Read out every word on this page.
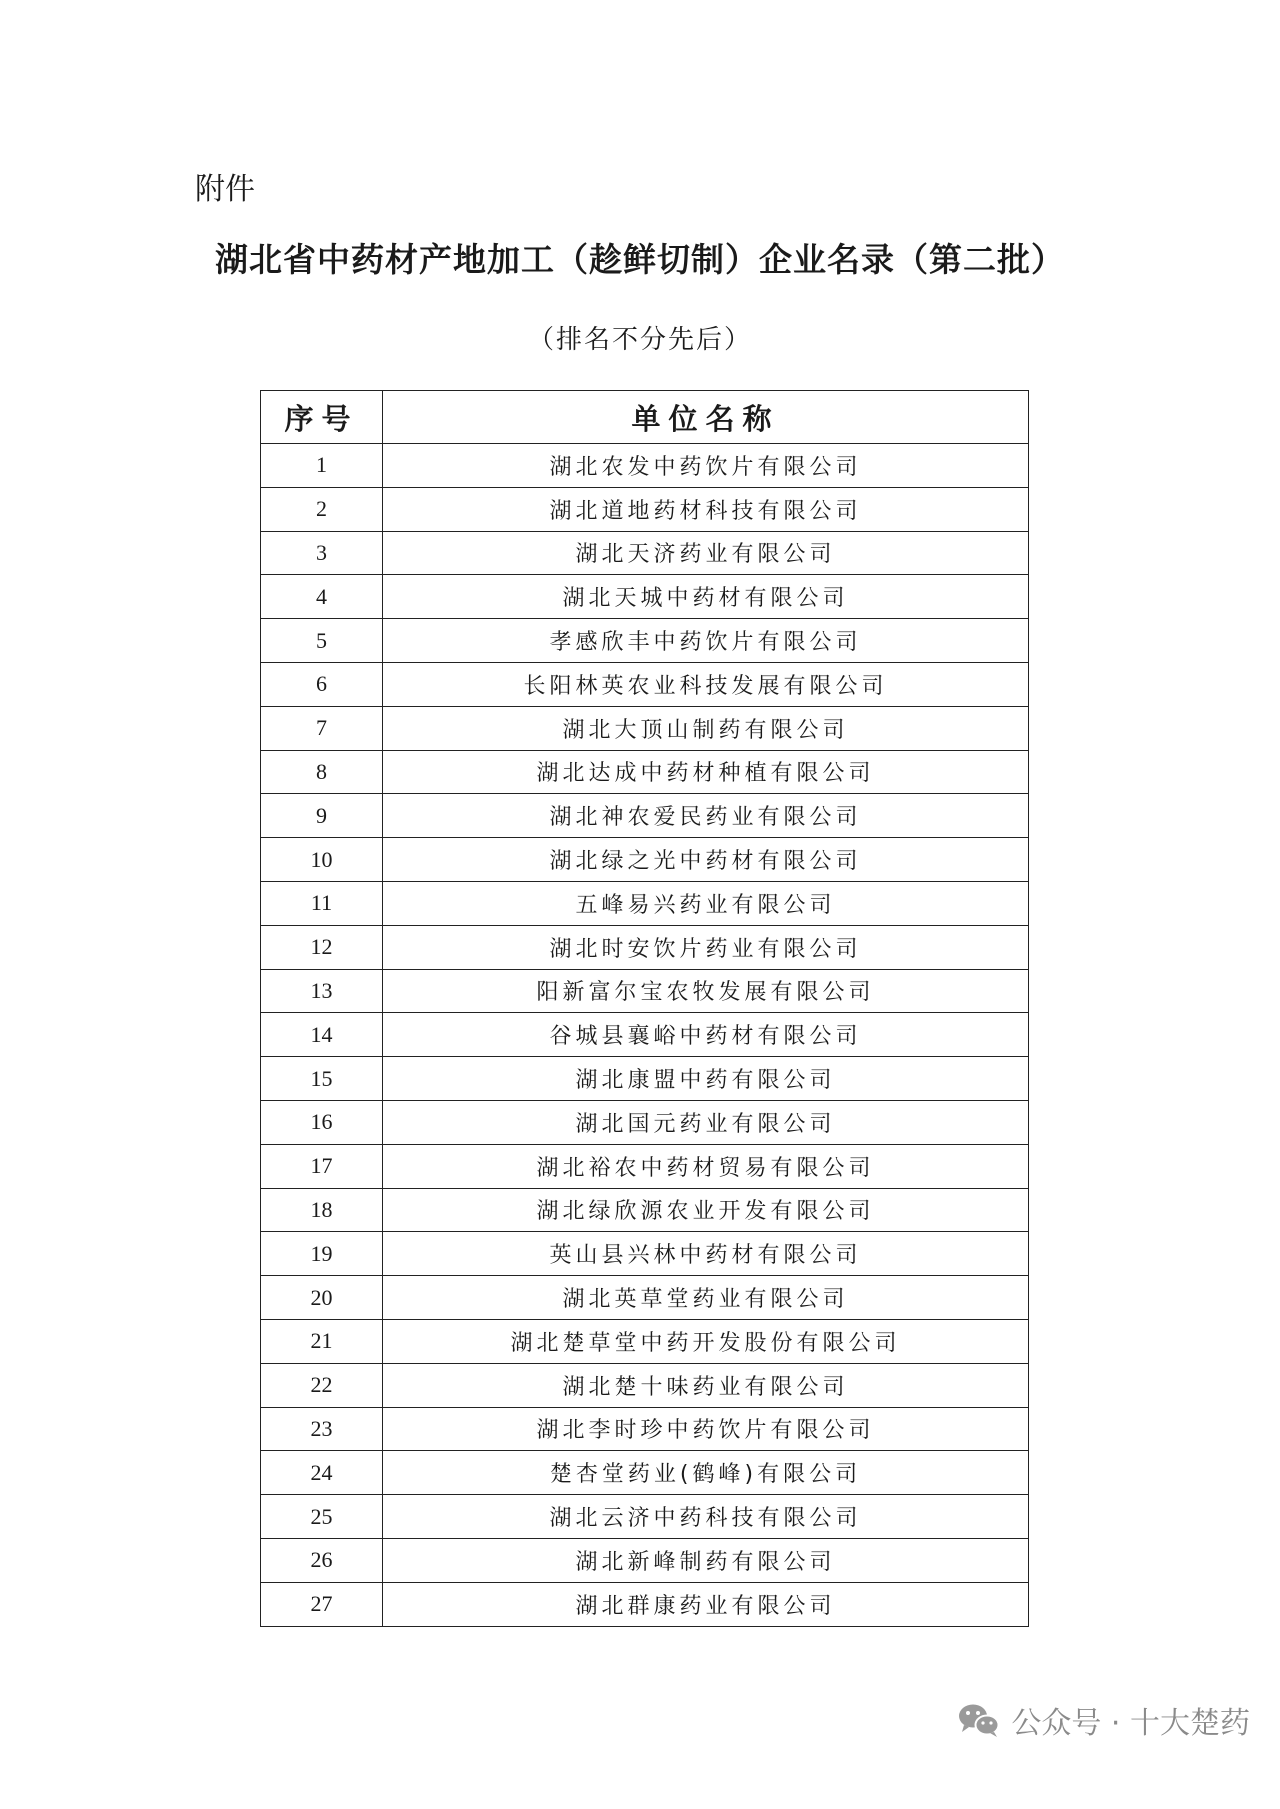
附件
湖北省中药材产地加工（趁鲜切制）企业名录（第二批）
（排名不分先后）
序号	单位名称
1	湖北农发中药饮片有限公司
2	湖北道地药材科技有限公司
3	湖北天济药业有限公司
4	湖北天城中药材有限公司
5	孝感欣丰中药饮片有限公司
6	长阳林英农业科技发展有限公司
7	湖北大顶山制药有限公司
8	湖北达成中药材种植有限公司
9	湖北神农爱民药业有限公司
10	湖北绿之光中药材有限公司
11	五峰易兴药业有限公司
12	湖北时安饮片药业有限公司
13	阳新富尔宝农牧发展有限公司
14	谷城县襄峪中药材有限公司
15	湖北康盟中药有限公司
16	湖北国元药业有限公司
17	湖北裕农中药材贸易有限公司
18	湖北绿欣源农业开发有限公司
19	英山县兴林中药材有限公司
20	湖北英草堂药业有限公司
21	湖北楚草堂中药开发股份有限公司
22	湖北楚十味药业有限公司
23	湖北李时珍中药饮片有限公司
24	楚杏堂药业(鹤峰)有限公司
25	湖北云济中药科技有限公司
26	湖北新峰制药有限公司
27	湖北群康药业有限公司
公众号 · 十大楚药
